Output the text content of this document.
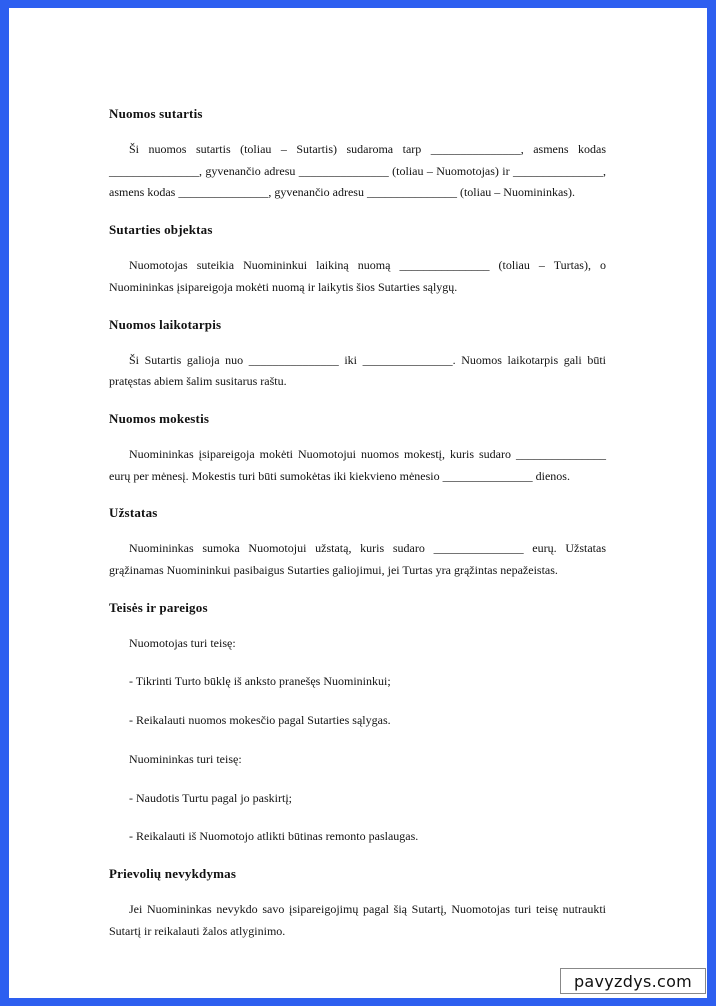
Nuomos sutartis

Ši nuomos sutartis (toliau – Sutartis) sudaroma tarp _______________, asmens kodas _______________, gyvenančio adresu _______________ (toliau – Nuomotojas) ir _______________, asmens kodas _______________, gyvenančio adresu _______________ (toliau – Nuomininkas).

Sutarties objektas

Nuomotojas suteikia Nuomininkui laikiną nuomą _______________ (toliau – Turtas), o Nuomininkas įsipareigoja mokėti nuomą ir laikytis šios Sutarties sąlygų.

Nuomos laikotarpis

Ši Sutartis galioja nuo _______________ iki _______________. Nuomos laikotarpis gali būti pratęstas abiem šalim susitarus raštu.

Nuomos mokestis

Nuomininkas įsipareigoja mokėti Nuomotojui nuomos mokestį, kuris sudaro _______________ eurų per mėnesį. Mokestis turi būti sumokėtas iki kiekvieno mėnesio _______________ dienos.

Užstatas

Nuomininkas sumoka Nuomotojui užstatą, kuris sudaro _______________ eurų. Užstatas grąžinamas Nuomininkui pasibaigus Sutarties galiojimui, jei Turtas yra grąžintas nepažeistas.

Teisės ir pareigos

Nuomotojas turi teisę:

- Tikrinti Turto būklę iš anksto pranešęs Nuomininkui;

- Reikalauti nuomos mokesčio pagal Sutarties sąlygas.

Nuomininkas turi teisę:

- Naudotis Turtu pagal jo paskirtį;

- Reikalauti iš Nuomotojo atlikti būtinas remonto paslaugas.

Prievolių nevykdymas

Jei Nuomininkas nevykdo savo įsipareigojimų pagal šią Sutartį, Nuomotojas turi teisę nutraukti Sutartį ir reikalauti žalos atlyginimo.

pavyzdys.com
